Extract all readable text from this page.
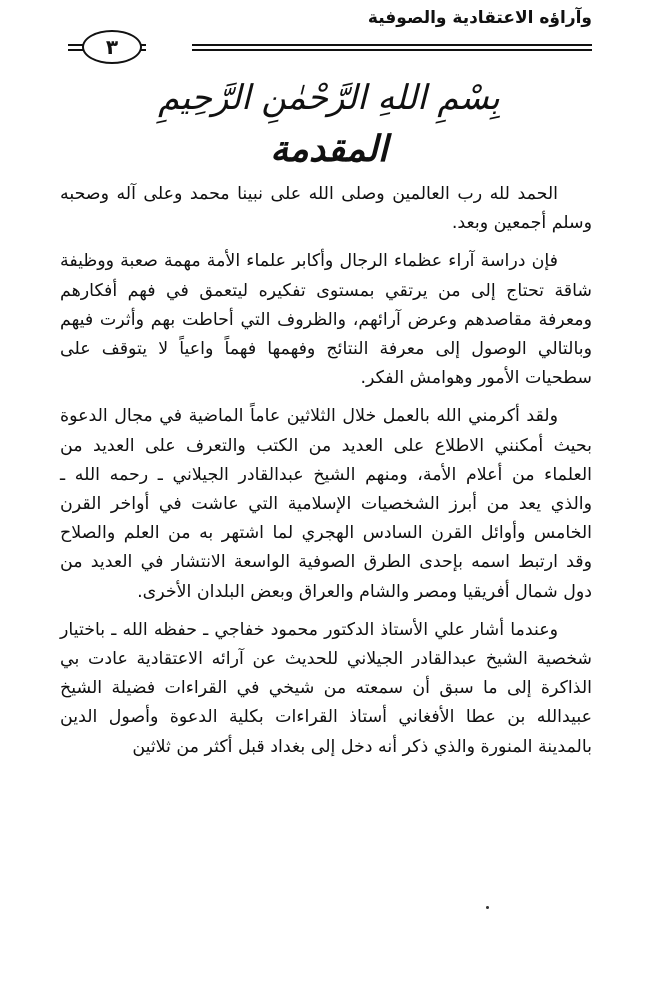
وآراؤه الاعتقادية والصوفية
٣
بِسْمِ اللهِ الرَّحْمٰنِ الرَّحِيمِ
المقدمة

الحمد لله رب العالمين وصلى الله على نبينا محمد وعلى آله وصحبه وسلم أجمعين وبعد.

فإن دراسة آراء عظماء الرجال وأكابر علماء الأمة مهمة صعبة ووظيفة شاقة تحتاج إلى من يرتقي بمستوى تفكيره ليتعمق في فهم أفكارهم ومعرفة مقاصدهم وعرض آرائهم، والظروف التي أحاطت بهم وأثرت فيهم وبالتالي الوصول إلى معرفة النتائج وفهمها فهماً واعياً لا يتوقف على سطحيات الأمور وهوامش الفكر.

ولقد أكرمني الله بالعمل خلال الثلاثين عاماً الماضية في مجال الدعوة بحيث أمكنني الاطلاع على العديد من الكتب والتعرف على العديد من العلماء من أعلام الأمة، ومنهم الشيخ عبدالقادر الجيلاني ـ رحمه الله ـ والذي يعد من أبرز الشخصيات الإسلامية التي عاشت في أواخر القرن الخامس وأوائل القرن السادس الهجري لما اشتهر به من العلم والصلاح وقد ارتبط اسمه بإحدى الطرق الصوفية الواسعة الانتشار في العديد من دول شمال أفريقيا ومصر والشام والعراق وبعض البلدان الأخرى.

وعندما أشار علي الأستاذ الدكتور محمود خفاجي ـ حفظه الله ـ باختيار شخصية الشيخ عبدالقادر الجيلاني للحديث عن آرائه الاعتقادية عادت بي الذاكرة إلى ما سبق أن سمعته من شيخي في القراءات فضيلة الشيخ عبيدالله بن عطا الأفغاني أستاذ القراءات بكلية الدعوة وأصول الدين بالمدينة المنورة والذي ذكر أنه دخل إلى بغداد قبل أكثر من ثلاثين
